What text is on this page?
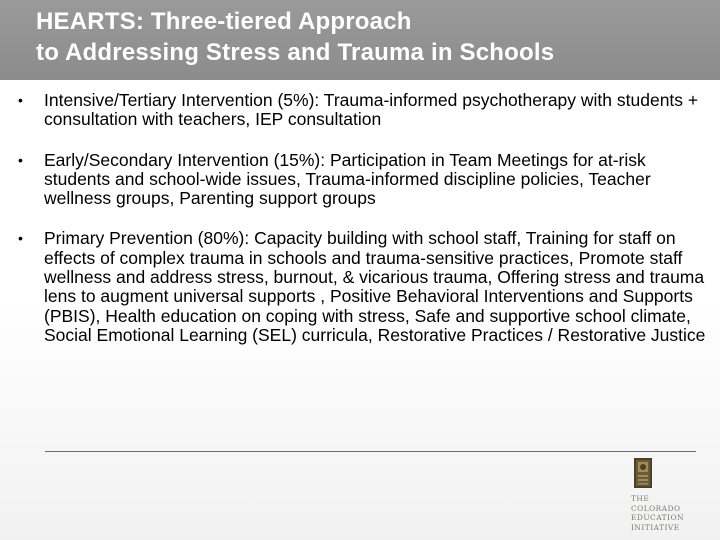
HEARTS: Three-tiered Approach
to Addressing Stress and Trauma in Schools
• Intensive/Tertiary Intervention (5%): Trauma-informed psychotherapy with students + consultation with teachers, IEP consultation
• Early/Secondary Intervention (15%): Participation in Team Meetings for at-risk students and school-wide issues, Trauma-informed discipline policies, Teacher wellness groups, Parenting support groups
• Primary Prevention (80%): Capacity building with school staff, Training for staff on effects of complex trauma in schools and trauma-sensitive practices, Promote staff wellness and address stress, burnout, & vicarious trauma, Offering stress and trauma lens to augment universal supports , Positive Behavioral Interventions and Supports (PBIS), Health education on coping with stress, Safe and supportive school climate, Social Emotional Learning (SEL) curricula, Restorative Practices / Restorative Justice
THE
COLORADO
EDUCATION
INITIATIVE
